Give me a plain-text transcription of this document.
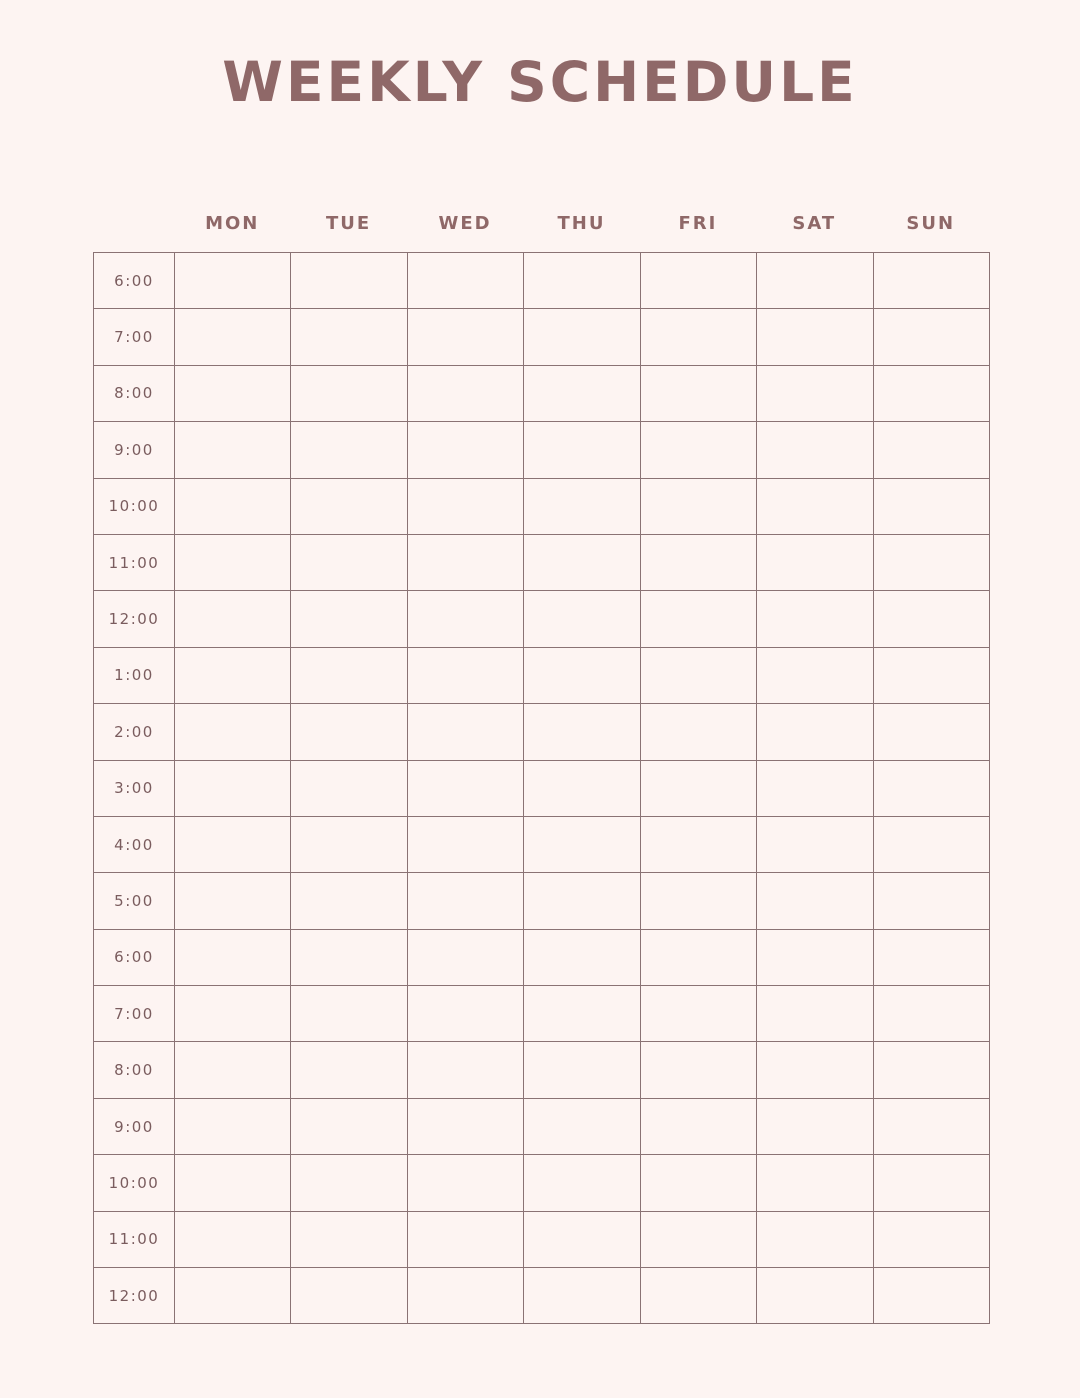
WEEKLY SCHEDULE
MON	TUE	WED	THU	FRI	SAT	SUN
6:00							
7:00							
8:00							
9:00							
10:00							
11:00							
12:00							
1:00							
2:00							
3:00							
4:00							
5:00							
6:00							
7:00							
8:00							
9:00							
10:00							
11:00							
12:00							
